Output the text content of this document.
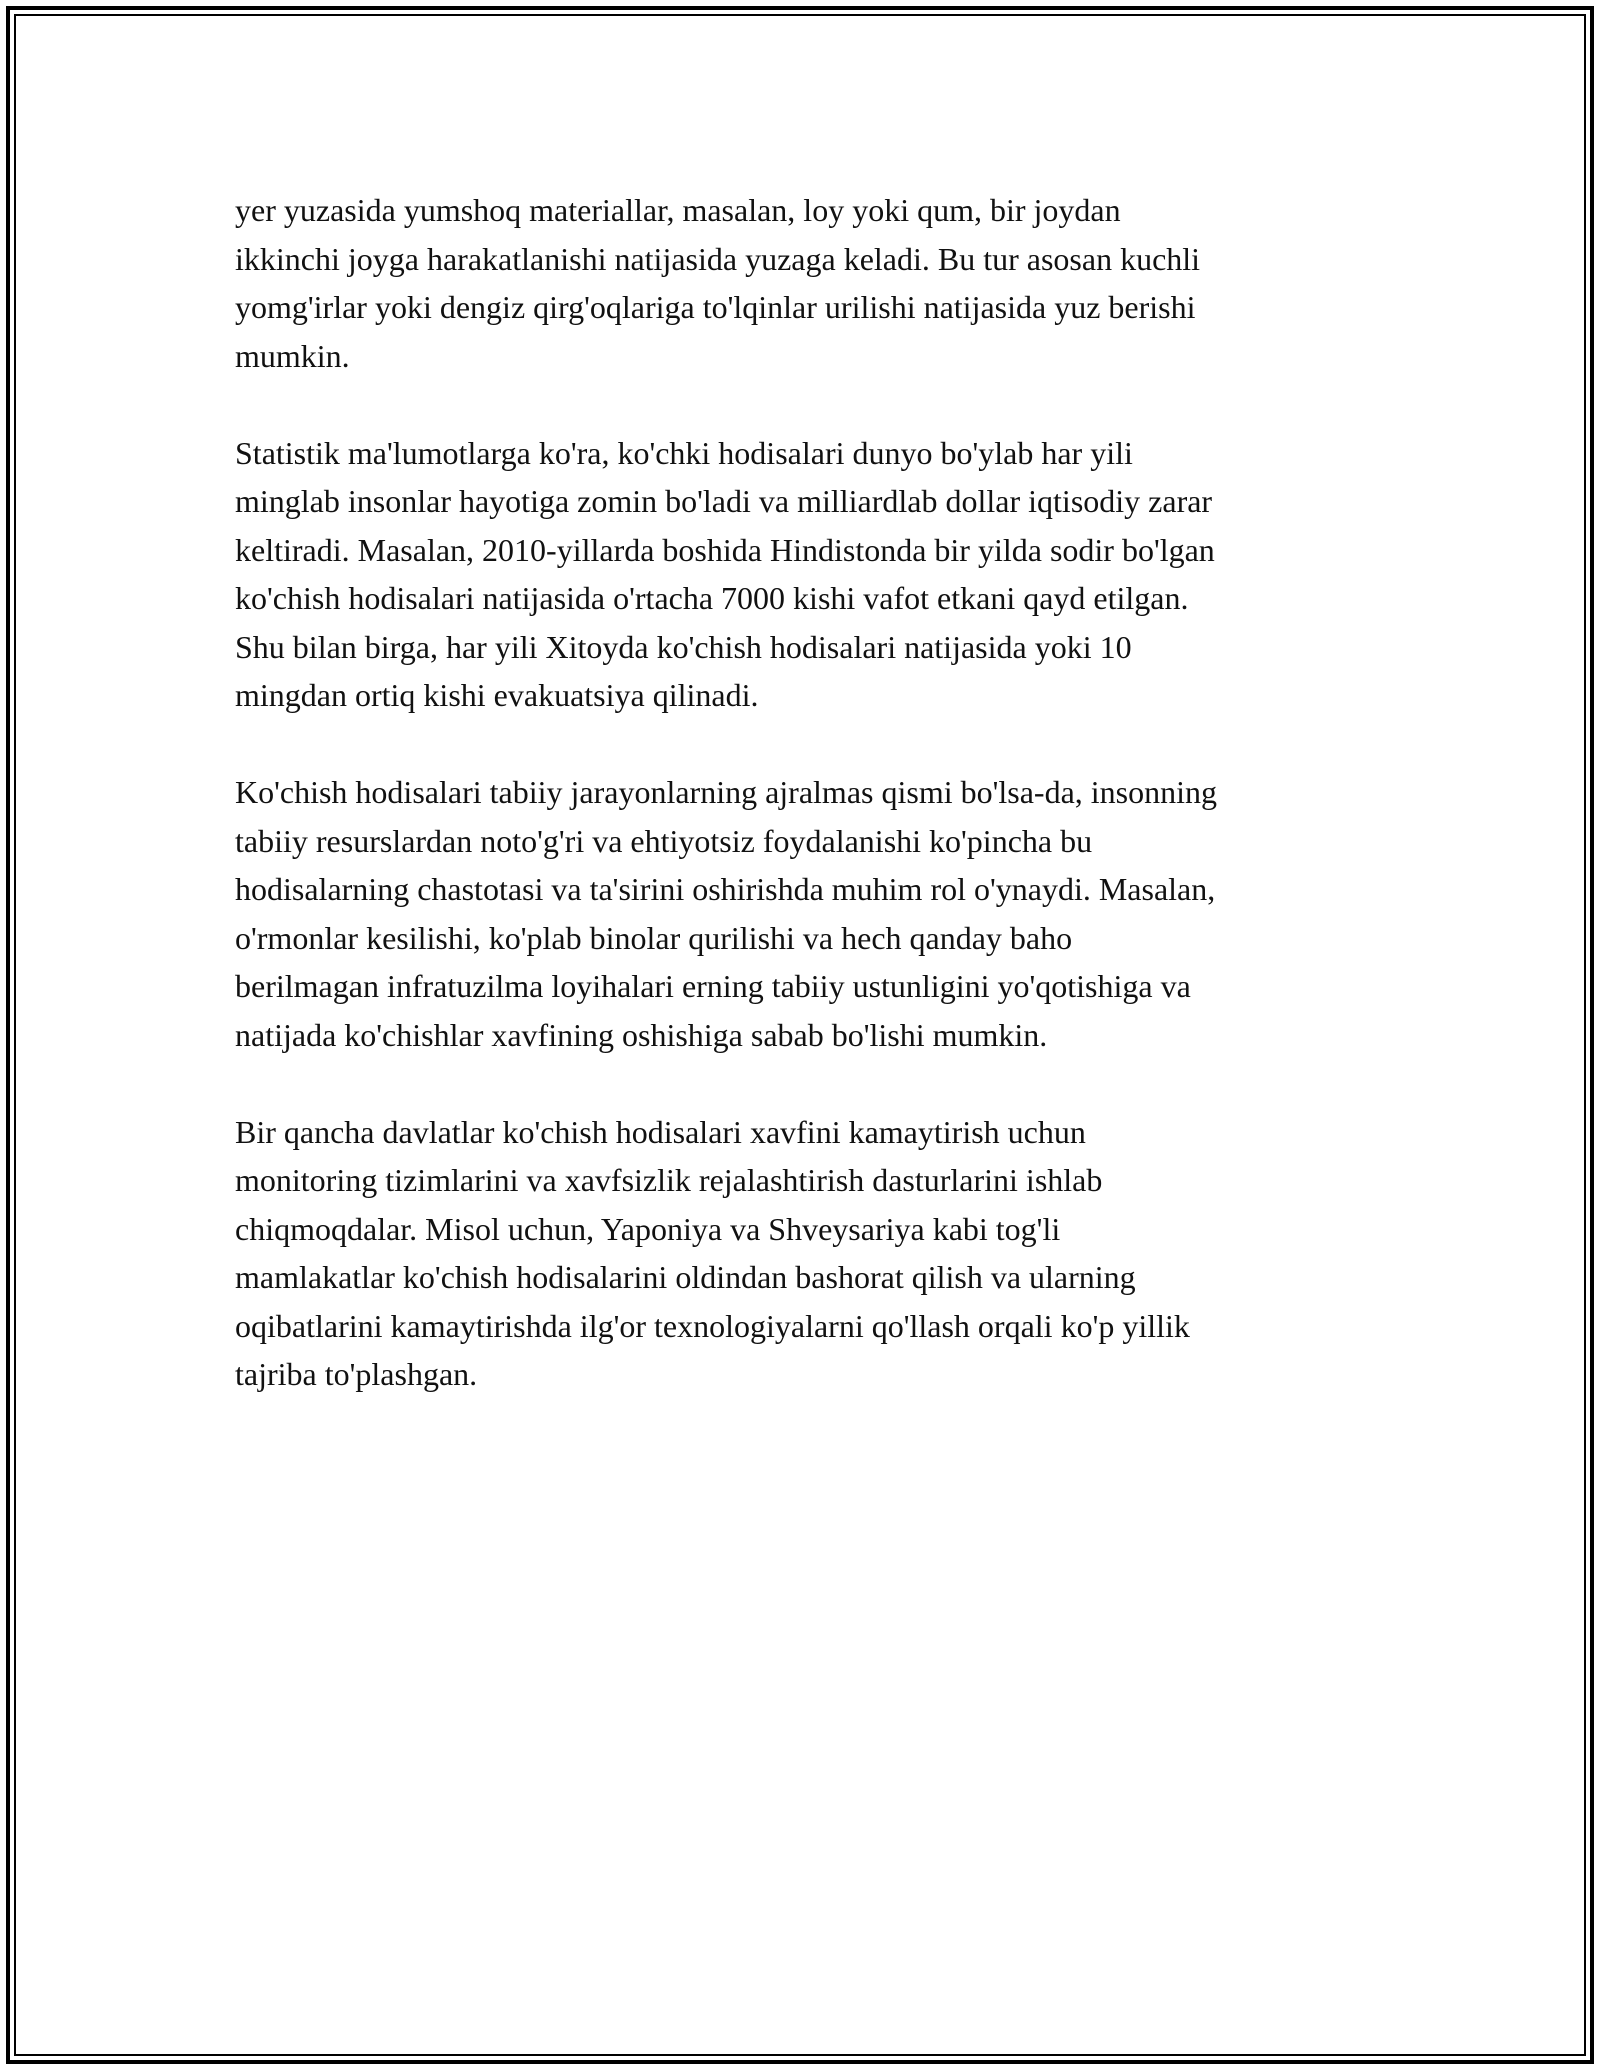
yer yuzasida yumshoq materiallar, masalan, loy yoki qum, bir joydan
ikkinchi joyga harakatlanishi natijasida yuzaga keladi. Bu tur asosan kuchli
yomg'irlar yoki dengiz qirg'oqlariga to'lqinlar urilishi natijasida yuz berishi
mumkin.

Statistik ma'lumotlarga ko'ra, ko'chki hodisalari dunyo bo'ylab har yili
minglab insonlar hayotiga zomin bo'ladi va milliardlab dollar iqtisodiy zarar
keltiradi. Masalan, 2010-yillarda boshida Hindistonda bir yilda sodir bo'lgan
ko'chish hodisalari natijasida o'rtacha 7000 kishi vafot etkani qayd etilgan.
Shu bilan birga, har yili Xitoyda ko'chish hodisalari natijasida yoki 10
mingdan ortiq kishi evakuatsiya qilinadi.

Ko'chish hodisalari tabiiy jarayonlarning ajralmas qismi bo'lsa-da, insonning
tabiiy resurslardan noto'g'ri va ehtiyotsiz foydalanishi ko'pincha bu
hodisalarning chastotasi va ta'sirini oshirishda muhim rol o'ynaydi. Masalan,
o'rmonlar kesilishi, ko'plab binolar qurilishi va hech qanday baho
berilmagan infratuzilma loyihalari erning tabiiy ustunligini yo'qotishiga va
natijada ko'chishlar xavfining oshishiga sabab bo'lishi mumkin.

Bir qancha davlatlar ko'chish hodisalari xavfini kamaytirish uchun
monitoring tizimlarini va xavfsizlik rejalashtirish dasturlarini ishlab
chiqmoqdalar. Misol uchun, Yaponiya va Shveysariya kabi tog'li
mamlakatlar ko'chish hodisalarini oldindan bashorat qilish va ularning
oqibatlarini kamaytirishda ilg'or texnologiyalarni qo'llash orqali ko'p yillik
tajriba to'plashgan.
